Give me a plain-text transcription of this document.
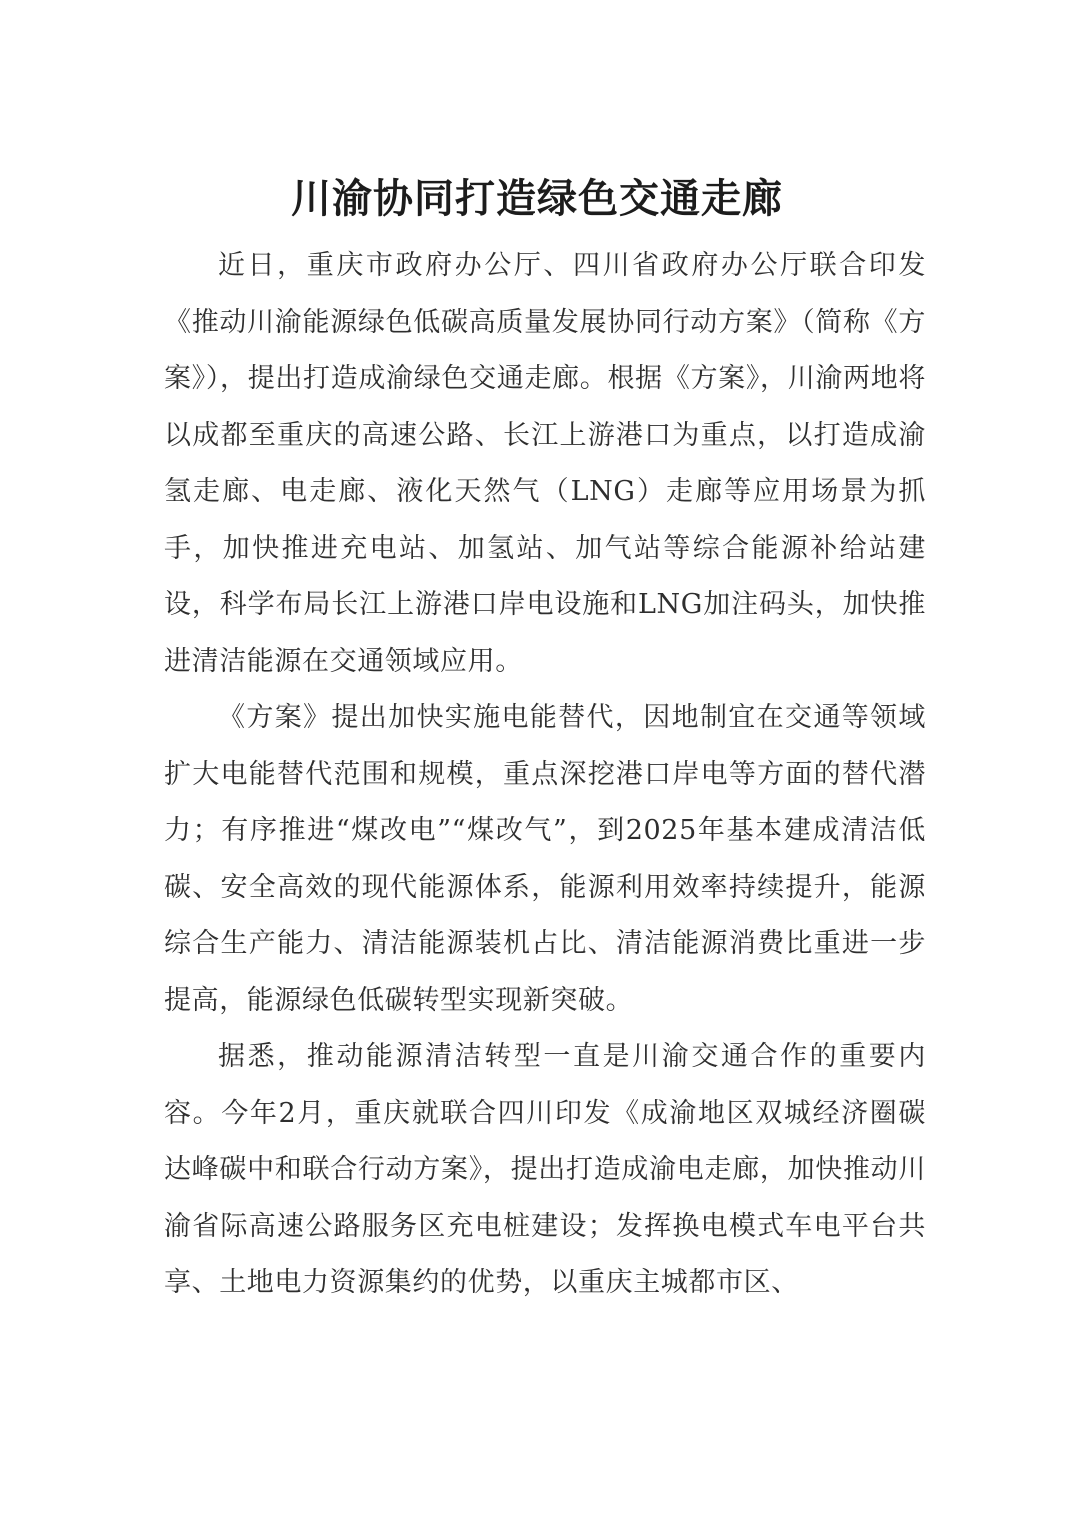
川渝协同打造绿色交通走廊

近日，重庆市政府办公厅、四川省政府办公厅联合印发《推动川渝能源绿色低碳高质量发展协同行动方案》（简称《方案》），提出打造成渝绿色交通走廊。根据《方案》，川渝两地将以成都至重庆的高速公路、长江上游港口为重点，以打造成渝氢走廊、电走廊、液化天然气（LNG）走廊等应用场景为抓手，加快推进充电站、加氢站、加气站等综合能源补给站建设，科学布局长江上游港口岸电设施和LNG加注码头，加快推进清洁能源在交通领域应用。

《方案》提出加快实施电能替代，因地制宜在交通等领域扩大电能替代范围和规模，重点深挖港口岸电等方面的替代潜力；有序推进“煤改电”“煤改气”，到2025年基本建成清洁低碳、安全高效的现代能源体系，能源利用效率持续提升，能源综合生产能力、清洁能源装机占比、清洁能源消费比重进一步提高，能源绿色低碳转型实现新突破。

据悉，推动能源清洁转型一直是川渝交通合作的重要内容。今年2月，重庆就联合四川印发《成渝地区双城经济圈碳达峰碳中和联合行动方案》，提出打造成渝电走廊，加快推动川渝省际高速公路服务区充电桩建设；发挥换电模式车电平台共享、土地电力资源集约的优势，以重庆主城都市区、
